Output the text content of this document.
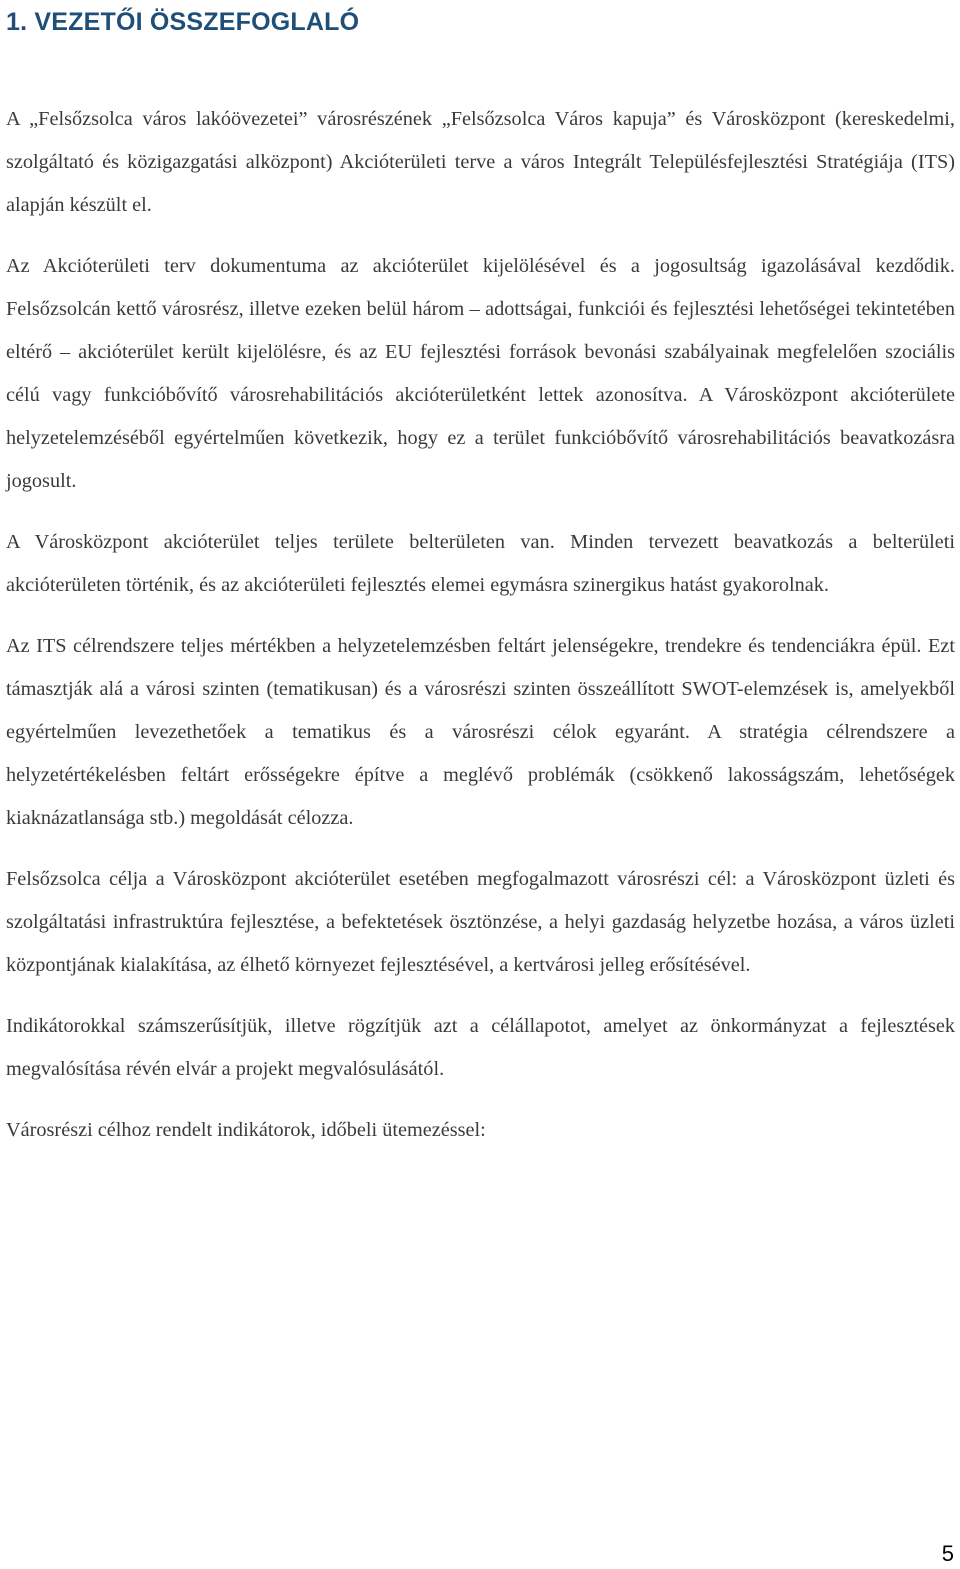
1. VEZETŐI ÖSSZEFOGLALÓ

A „Felsőzsolca város lakóövezetei” városrészének „Felsőzsolca Város kapuja” és Városközpont (kereskedelmi, szolgáltató és közigazgatási alközpont) Akcióterületi terve a város Integrált Településfejlesztési Stratégiája (ITS) alapján készült el.

Az Akcióterületi terv dokumentuma az akcióterület kijelölésével és a jogosultság igazolásával kezdődik. Felsőzsolcán kettő városrész, illetve ezeken belül három – adottságai, funkciói és fejlesztési lehetőségei tekintetében eltérő – akcióterület került kijelölésre, és az EU fejlesztési források bevonási szabályainak megfelelően szociális célú vagy funkcióbővítő városrehabilitációs akcióterületként lettek azonosítva. A Városközpont akcióterülete helyzetelemzéséből egyértelműen következik, hogy ez a terület funkcióbővítő városrehabilitációs beavatkozásra jogosult.

A Városközpont akcióterület teljes területe belterületen van. Minden tervezett beavatkozás a belterületi akcióterületen történik, és az akcióterületi fejlesztés elemei egymásra szinergikus hatást gyakorolnak.

Az ITS célrendszere teljes mértékben a helyzetelemzésben feltárt jelenségekre, trendekre és tendenciákra épül. Ezt támasztják alá a városi szinten (tematikusan) és a városrészi szinten összeállított SWOT-elemzések is, amelyekből egyértelműen levezethetőek a tematikus és a városrészi célok egyaránt. A stratégia célrendszere a helyzetértékelésben feltárt erősségekre építve a meglévő problémák (csökkenő lakosságszám, lehetőségek kiaknázatlansága stb.) megoldását célozza.

Felsőzsolca célja a Városközpont akcióterület esetében megfogalmazott városrészi cél: a Városközpont üzleti és szolgáltatási infrastruktúra fejlesztése, a befektetések ösztönzése, a helyi gazdaság helyzetbe hozása, a város üzleti központjának kialakítása, az élhető környezet fejlesztésével, a kertvárosi jelleg erősítésével.

Indikátorokkal számszerűsítjük, illetve rögzítjük azt a célállapotot, amelyet az önkormányzat a fejlesztések megvalósítása révén elvár a projekt megvalósulásától.

Városrészi célhoz rendelt indikátorok, időbeli ütemezéssel:

5
